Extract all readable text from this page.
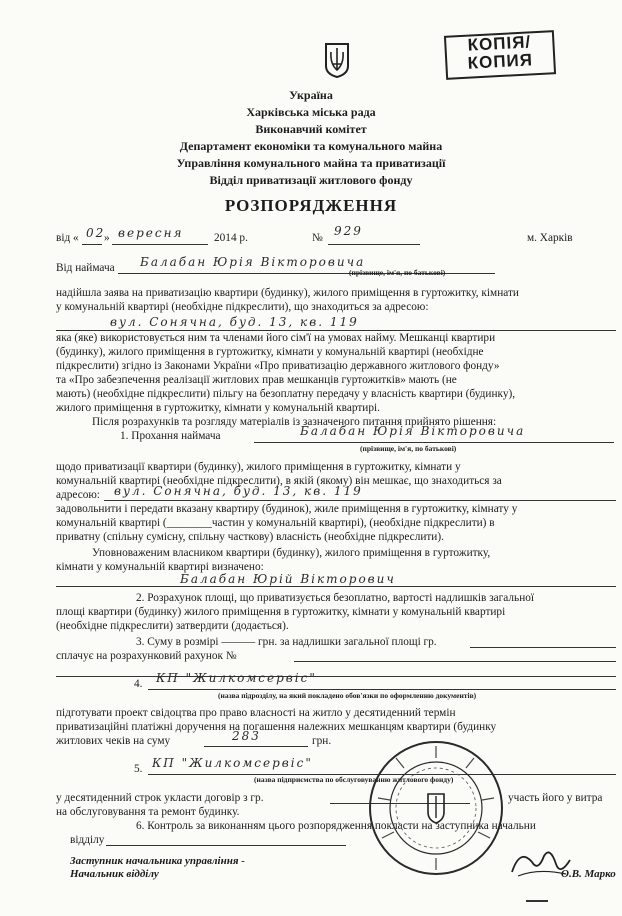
КОПІЯ/
КОПИЯ
Україна
Харківська міська рада
Виконавчий комітет
Департамент економіки та комунального майна
Управління комунального майна та приватизації
Відділ приватизації житлового фонду
РОЗПОРЯДЖЕННЯ
від « 02
» вересня	2014 р.	№ 929	м. Харків
Від наймача Балабан Юрія Вікторовича
(прізвище, ім'я, по батькові)
надійшла заява на приватизацію квартири (будинку), жилого приміщення в гуртожитку, кімнати
у комунальній квартирі (необхідне підкреслити), що знаходиться за адресою:
вул. Сонячна, буд. 13, кв. 119
яка (яке) використовується ним та членами його сім'ї на умовах найму. Мешканці квартири
(будинку), жилого приміщення в гуртожитку, кімнати у комунальній квартирі (необхідне
підкреслити) згідно із Законами України «Про приватизацію державного житлового фонду»
та «Про забезпечення реалізації житлових прав мешканців гуртожитків» мають (не
мають) (необхідне підкреслити) пільгу на безоплатну передачу у власність квартири (будинку),
жилого приміщення в гуртожитку, кімнати у комунальній квартирі.
Після розрахунків та розгляду матеріалів із зазначеного питання прийнято рішення:
1. Прохання наймача	Балабан Юрія Вікторовича
(прізвище, ім'я, по батькові)
щодо приватизації квартири (будинку), жилого приміщення в гуртожитку, кімнати у
комунальній квартирі (необхідне підкреслити), в якій (якому) він мешкає, що знаходиться за
адресою: вул. Сонячна, буд. 13, кв. 119
задовольнити і передати вказану квартиру (будинок), жиле приміщення в гуртожитку, кімнату у
комунальній квартирі (________частин у комунальній квартирі), (необхідне підкреслити) в
приватну (спільну сумісну, спільну часткову) власність (необхідне підкреслити).
Уповноваженим власником квартири (будинку), жилого приміщення в гуртожитку,
кімнати у комунальній квартирі визначено:
Балабан Юрій Вікторович
2. Розрахунок площі, що приватизується безоплатно, вартості надлишків загальної
площі квартири (будинку) жилого приміщення в гуртожитку, кімнати у комунальній квартирі
(необхідне підкреслити) затвердити (додається).
3. Суму в розмірі ——— грн. за надлишки загальної площі гр.
сплачує на розрахунковий рахунок №
4. КП "Жилкомсервіс"
(назва підрозділу, на який покладено обов'язки по оформленню документів)
підготувати проект свідоцтва про право власності на житло у десятиденний термін
приватизаційні платіжні доручення на погашення належних мешканцям квартири (будинку
житлових чеків на суму	283	грн.
5. КП "Жилкомсервіс"
(назва підприємства по обслуговуванню житлового фонду)
у десятиденний строк укласти договір з гр.	участь його у витра
на обслуговування та ремонт будинку.
6. Контроль за виконанням цього розпорядження покласти на заступника начальни
відділу
Заступник начальника управління -
Начальник відділу	О.В. Марко
